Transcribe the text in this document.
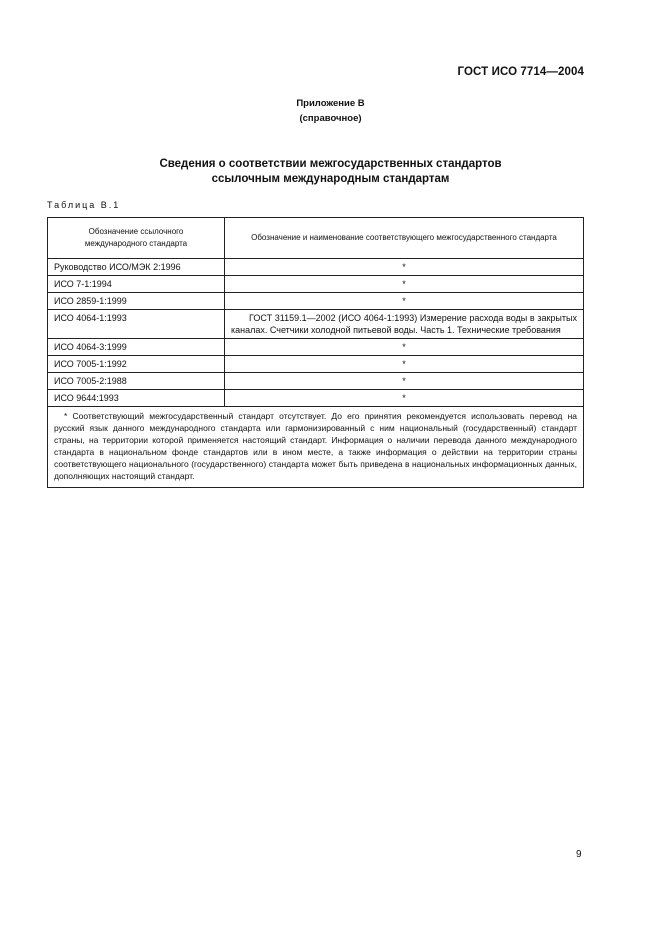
ГОСТ ИСО 7714—2004
Приложение В
(справочное)
Сведения о соответствии межгосударственных стандартов
ссылочным международным стандартам
Таблица В.1
Обозначение ссылочного
международного стандарта	Обозначение и наименование соответствующего межгосударственного стандарта
Руководство ИСО/МЭК 2:1996	*
ИСО 7-1:1994	*
ИСО 2859-1:1999	*
ИСО 4064-1:1993	ГОСТ 31159.1—2002 (ИСО 4064-1:1993) Измерение расхода воды в закрытых каналах. Счетчики холодной питьевой воды. Часть 1. Технические требования
ИСО 4064-3:1999	*
ИСО 7005-1:1992	*
ИСО 7005-2:1988	*
ИСО 9644:1993	*
* Соответствующий межгосударственный стандарт отсутствует. До его принятия рекомендуется использовать перевод на русский язык данного международного стандарта или гармонизированный с ним национальный (государственный) стандарт страны, на территории которой применяется настоящий стандарт. Информация о наличии перевода данного международного стандарта в национальном фонде стандартов или в ином месте, а также информация о действии на территории страны соответствующего национального (государственного) стандарта может быть приведена в национальных информационных данных, дополняющих настоящий стандарт.	
9
